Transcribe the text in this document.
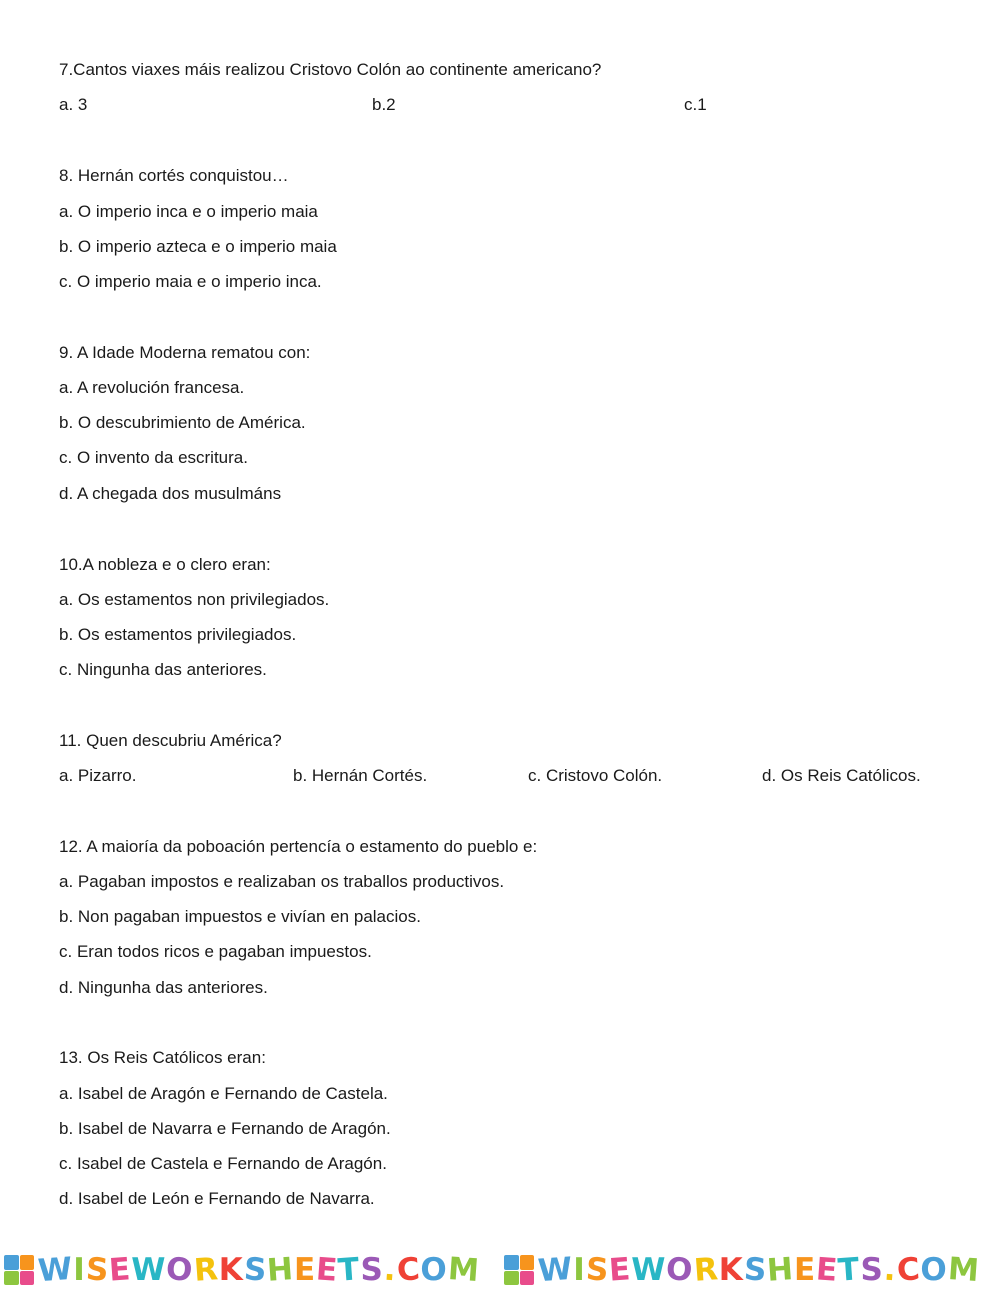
7.Cantos viaxes máis realizou Cristovo Colón ao continente americano?
a. 3	b.2	c.1
8. Hernán cortés conquistou…
a. O imperio inca e o imperio maia
b. O imperio azteca e o imperio maia
c. O imperio maia e o imperio inca.
9. A Idade Moderna rematou con:
a. A revolución francesa.
b. O descubrimiento de América.
c. O invento da escritura.
d. A chegada dos musulmáns
10.A nobleza e o clero eran:
a. Os estamentos non privilegiados.
b. Os estamentos privilegiados.
c. Ningunha das anteriores.
11. Quen descubriu América?
a. Pizarro.	b. Hernán Cortés.	c. Cristovo Colón.	d. Os Reis Católicos.
12. A maioría da poboación pertencía o estamento do pueblo e:
a. Pagaban impostos e realizaban os traballos productivos.
b. Non pagaban impuestos e vivían en palacios.
c. Eran todos ricos e pagaban impuestos.
d. Ningunha das anteriores.
13. Os Reis Católicos eran:
a. Isabel de Aragón e Fernando de Castela.
b. Isabel de Navarra e Fernando de Aragón.
c. Isabel de Castela e Fernando de Aragón.
d. Isabel de León e Fernando de Navarra.
WISEWORKSHEETS.COM WISEWORKSHEETS.COM
